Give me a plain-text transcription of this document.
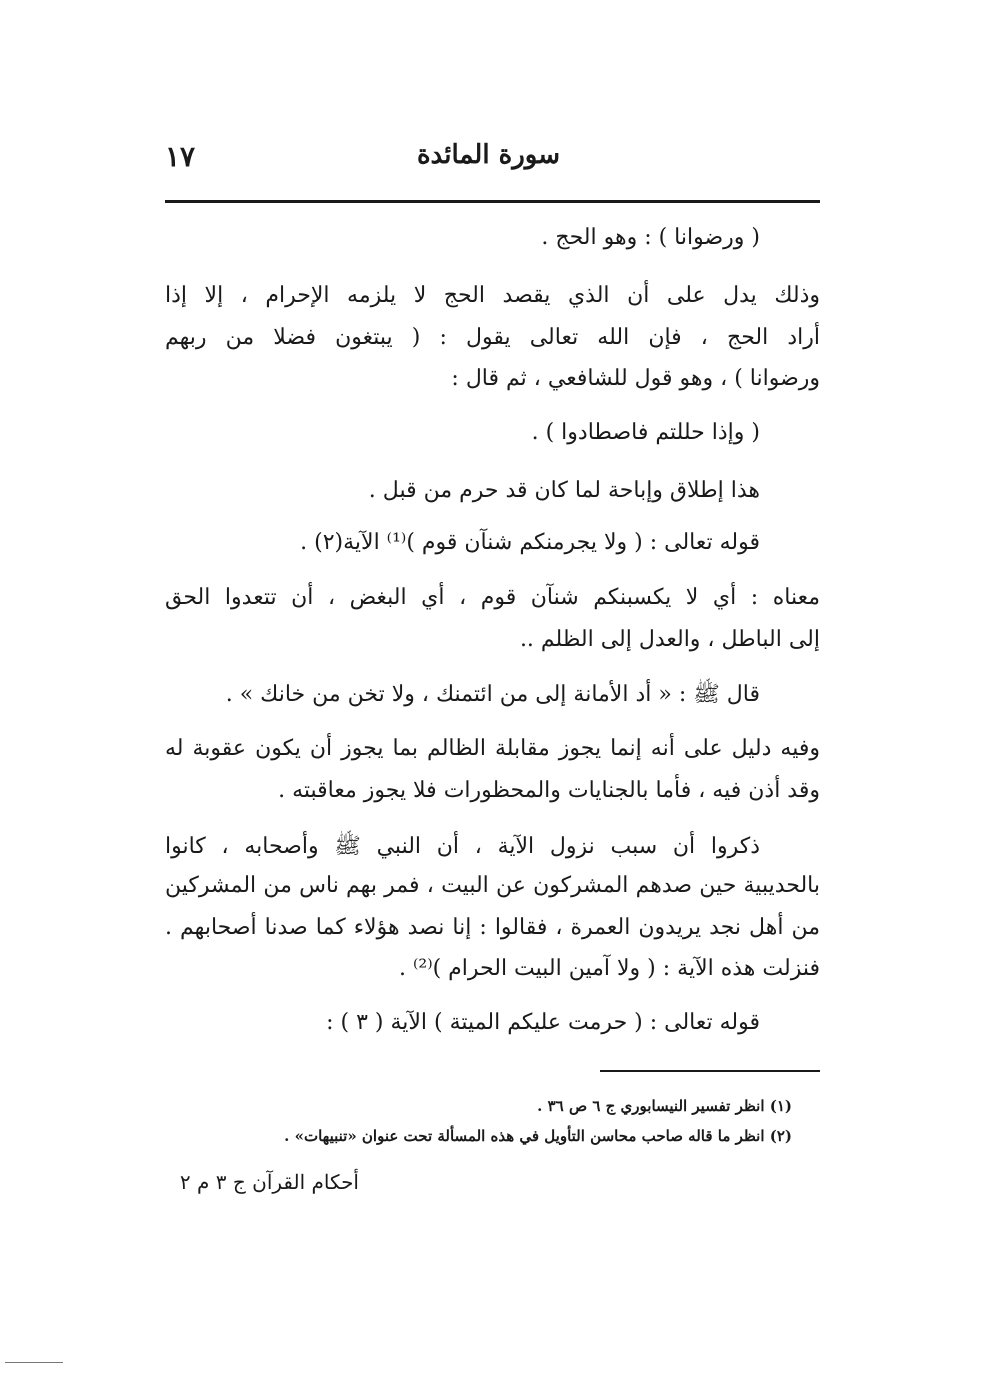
سورة المائدة
١٧
( ورضوانا ) : وهو الحج .
وذلك يدل على أن الذي يقصد الحج لا يلزمه الإحرام ، إلا إذا
أراد الحج ، فإن الله تعالى يقول : ( يبتغون فضلا من ربهم
ورضوانا ) ، وهو قول للشافعي ، ثم قال :
( وإذا حللتم فاصطادوا ) .
هذا إطلاق وإباحة لما كان قد حرم من قبل .
قوله تعالى : ( ولا يجرمنكم شنآن قوم )⁽¹⁾ الآية(٢) .
معناه : أي لا يكسبنكم شنآن قوم ، أي البغض ، أن تتعدوا الحق
إلى الباطل ، والعدل إلى الظلم ..
قال ﷺ : « أد الأمانة إلى من ائتمنك ، ولا تخن من خانك » .
وفيه دليل على أنه إنما يجوز مقابلة الظالم بما يجوز أن يكون عقوبة له
وقد أذن فيه ، فأما بالجنايات والمحظورات فلا يجوز معاقبته .
ذكروا أن سبب نزول الآية ، أن النبي ﷺ وأصحابه ، كانوا
بالحديبية حين صدهم المشركون عن البيت ، فمر بهم ناس من المشركين
من أهل نجد يريدون العمرة ، فقالوا : إنا نصد هؤلاء كما صدنا أصحابهم .
فنزلت هذه الآية : ( ولا آمين البيت الحرام )⁽²⁾ .
قوله تعالى : ( حرمت عليكم الميتة ) الآية ( ٣ ) :
(١) انظر تفسير النيسابوري ج ٦ ص ٣٦ .
(٢) انظر ما قاله صاحب محاسن التأويل في هذه المسألة تحت عنوان «تنبيهات» .
أحكام القرآن ج ٣ م ٢
